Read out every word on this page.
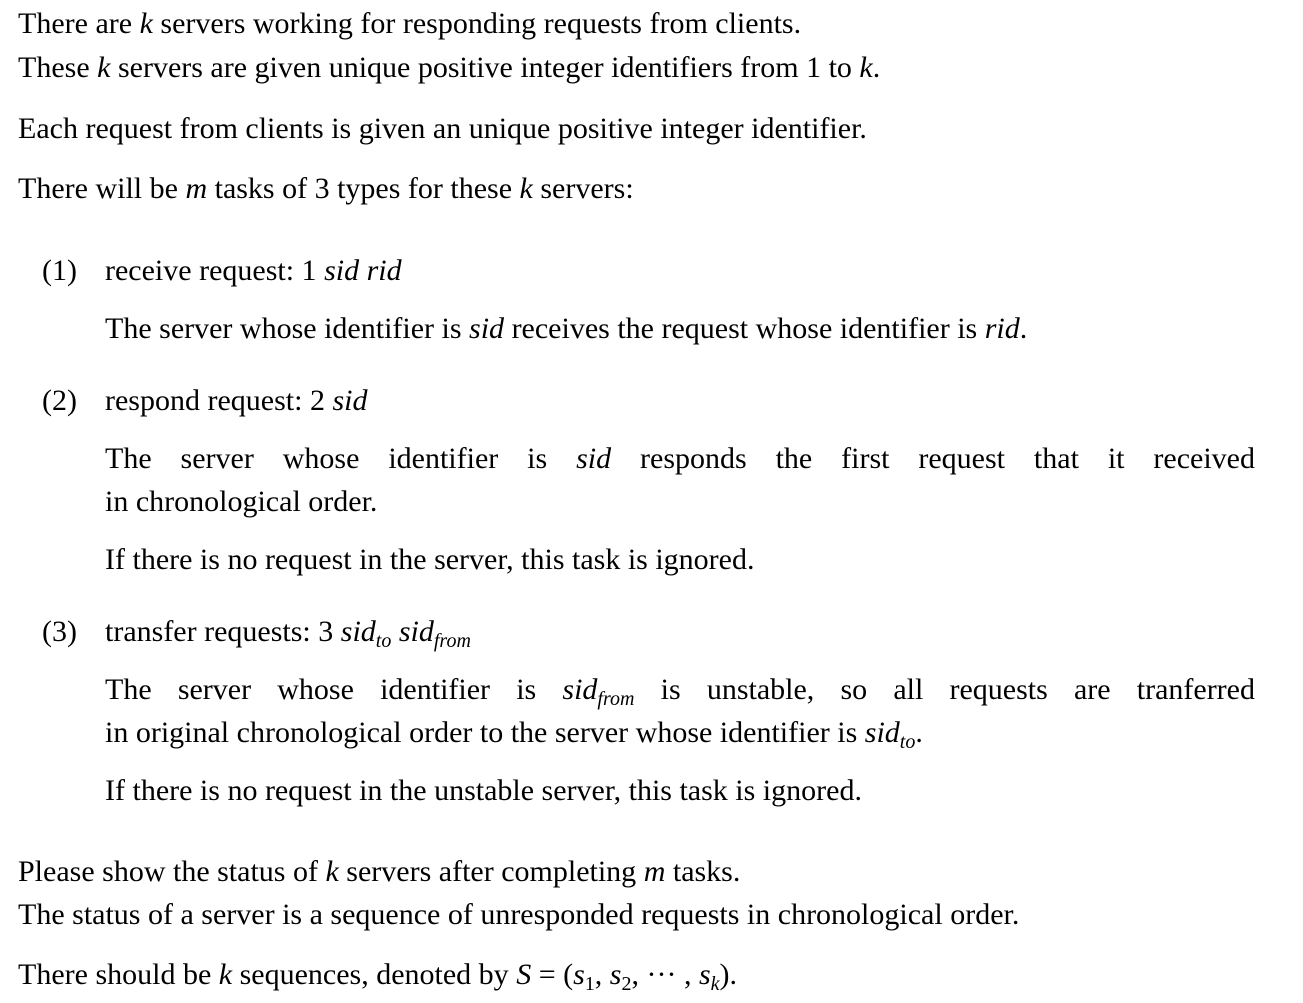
There are k servers working for responding requests from clients.
These k servers are given unique positive integer identifiers from 1 to k.
Each request from clients is given an unique positive integer identifier.
There will be m tasks of 3 types for these k servers:
(1) receive request: 1 sid rid
The server whose identifier is sid receives the request whose identifier is rid.
(2) respond request: 2 sid
The server whose identifier is sid responds the first request that it received
in chronological order.
If there is no request in the server, this task is ignored.
(3) transfer requests: 3 sid$_{to}$ sid$_{from}$
The server whose identifier is sid$_{from}$ is unstable, so all requests are tranferred
in original chronological order to the server whose identifier is sid$_{to}$.
If there is no request in the unstable server, this task is ignored.
Please show the status of k servers after completing m tasks.
The status of a server is a sequence of unresponded requests in chronological order.
There should be k sequences, denoted by $S = (s_1$, $s_2$, ··· , $s_k$).
